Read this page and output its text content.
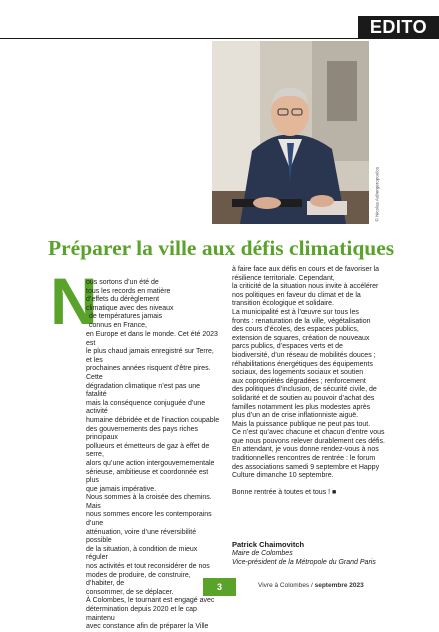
EDITO
© Nicolas Aubergeropoulos
Préparer la ville aux défis climatiques
N

ous sortons d’un été de

tous les records en matière

d’effets du dérèglement

climatique avec des niveaux

de températures jamais

connus en France,

en Europe et dans le monde. Cet été 2023 est

le plus chaud jamais enregistré sur Terre, et les

prochaines années risquent d’être pires. Cette

dégradation climatique n’est pas une fatalité

mais la conséquence conjuguée d’une activité

humaine débridée et de l’inaction coupable

des gouvernements des pays riches principaux

pollueurs et émetteurs de gaz à effet de serre,

alors qu’une action intergouvernementale

sérieuse, ambitieuse et coordonnée est plus

que jamais impérative.

Nous sommes à la croisée des chemins. Mais

nous sommes encore les contemporains d’une

atténuation, voire d’une réversibilité possible

de la situation, à condition de mieux réguler

nos activités et tout reconsidérer de nos

modes de produire, de construire, d’habiter, de

consommer, de se déplacer.

À Colombes, le tournant est engagé avec

détermination depuis 2020 et le cap maintenu

avec constance afin de préparer la Ville

à faire face aux défis en cours et de favoriser la

résilience territoriale. Cependant,

la criticité de la situation nous invite à accélérer

nos politiques en faveur du climat et de la

transition écologique et solidaire.

La municipalité est à l’œuvre sur tous les

fronts : renaturation de la ville, végétalisation

des cours d’écoles, des espaces publics,

extension de squares, création de nouveaux

parcs publics, d’espaces verts et de

biodiversité, d’un réseau de mobilités douces ;

réhabilitations énergétiques des équipements

sociaux, des logements sociaux et soutien

aux copropriétés dégradées ; renforcement

des politiques d’inclusion, de sécurité civile, de

solidarité et de soutien au pouvoir d’achat des

familles notamment les plus modestes après

plus d’un an de crise inflationniste aiguë.

Mais la puissance publique ne peut pas tout.

Ce n’est qu’avec chacune et chacun d’entre vous

que nous pouvons relever durablement ces défis.

En attendant, je vous donne rendez-vous à nos

traditionnelles rencontres de rentrée : le forum

des associations samedi 9 septembre et Happy

Culture dimanche 10 septembre.

Bonne rentrée à toutes et tous ! ■

Patrick Chaimovitch
Maire de Colombes
Vice-président de la Métropole du Grand Paris
3	Vivre à Colombes / septembre 2023
